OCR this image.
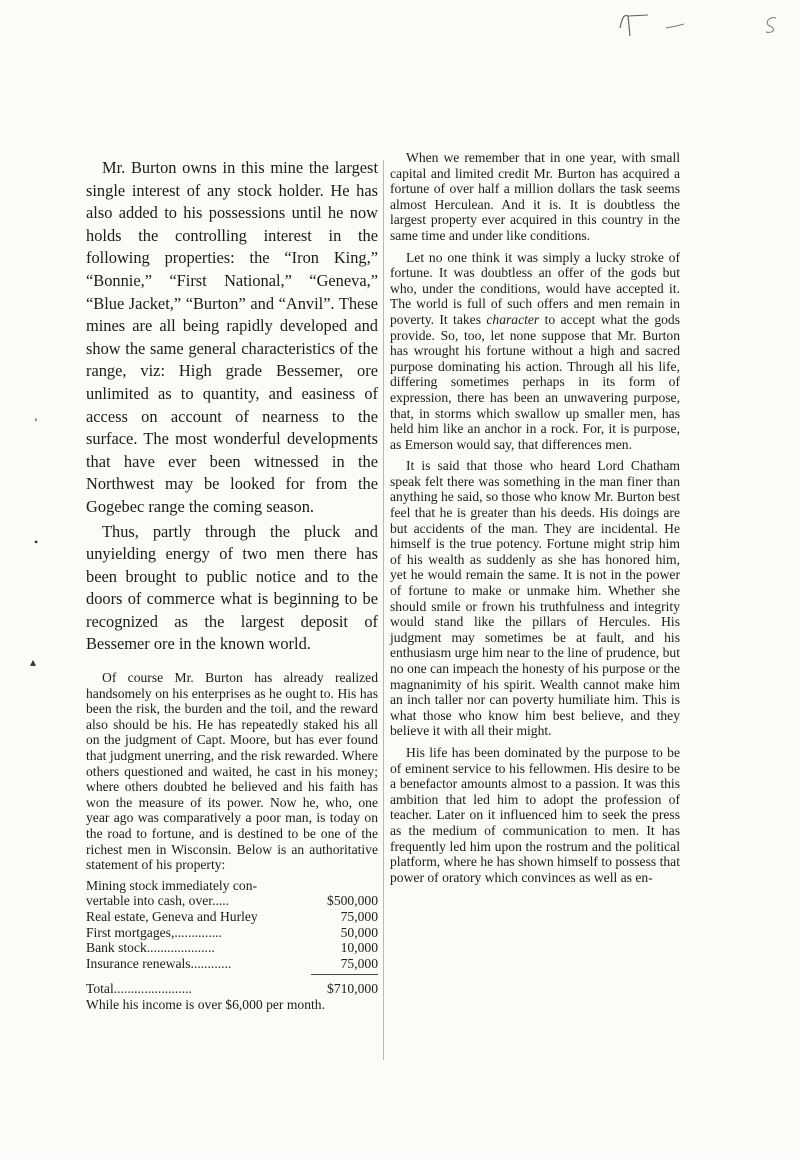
‘
•
▴

Mr. Burton owns in this mine the largest single interest of any stock holder. He has also added to his possessions until he now holds the controlling interest in the following properties: the “Iron King,” “Bonnie,” “First National,” “Geneva,” “Blue Jacket,” “Burton” and “Anvil”. These mines are all being rapidly developed and show the same general characteristics of the range, viz: High grade Bessemer, ore unlimited as to quantity, and easiness of access on account of nearness to the surface. The most wonderful developments that have ever been witnessed in the Northwest may be looked for from the Gogebec range the coming season.

Thus, partly through the pluck and unyielding energy of two men there has been brought to public notice and to the doors of commerce what is beginning to be recognized as the largest deposit of Bessemer ore in the known world.

Of course Mr. Burton has already realized handsomely on his enterprises as he ought to. His has been the risk, the burden and the toil, and the reward also should be his. He has repeatedly staked his all on the judgment of Capt. Moore, but has ever found that judgment unerring, and the risk rewarded. Where others questioned and waited, he cast in his money; where others doubted he believed and his faith has won the measure of its power. Now he, who, one year ago was comparatively a poor man, is today on the road to fortune, and is destined to be one of the richest men in Wisconsin. Below is an authoritative statement of his property:

Mining stock immediately con-	
vertable into cash, over.....	$500,000
Real estate, Geneva and Hurley	75,000
First mortgages,..............	50,000
Bank stock....................	10,000
Insurance renewals............	75,000

Total.......................	$710,000

While his income is over $6,000 per month.

When we remember that in one year, with small capital and limited credit Mr. Burton has acquired a fortune of over half a million dollars the task seems almost Herculean. And it is. It is doubtless the largest property ever acquired in this country in the same time and under like conditions.

Let no one think it was simply a lucky stroke of fortune. It was doubtless an offer of the gods but who, under the conditions, would have accepted it. The world is full of such offers and men remain in poverty. It takes character to accept what the gods provide. So, too, let none suppose that Mr. Burton has wrought his fortune without a high and sacred purpose dominating his action. Through all his life, differing sometimes perhaps in its form of expression, there has been an unwavering purpose, that, in storms which swallow up smaller men, has held him like an anchor in a rock. For, it is purpose, as Emerson would say, that differences men.

It is said that those who heard Lord Chatham speak felt there was something in the man finer than anything he said, so those who know Mr. Burton best feel that he is greater than his deeds. His doings are but accidents of the man. They are incidental. He himself is the true potency. Fortune might strip him of his wealth as suddenly as she has honored him, yet he would remain the same. It is not in the power of fortune to make or unmake him. Whether she should smile or frown his truthfulness and integrity would stand like the pillars of Hercules. His judgment may sometimes be at fault, and his enthusiasm urge him near to the line of prudence, but no one can impeach the honesty of his purpose or the magnanimity of his spirit. Wealth cannot make him an inch taller nor can poverty humiliate him. This is what those who know him best believe, and they believe it with all their might.

His life has been dominated by the purpose to be of eminent service to his fellowmen. His desire to be a benefactor amounts almost to a passion. It was this ambition that led him to adopt the profession of teacher. Later on it influenced him to seek the press as the medium of communication to men. It has frequently led him upon the rostrum and the political platform, where he has shown himself to possess that power of oratory which convinces as well as en-
